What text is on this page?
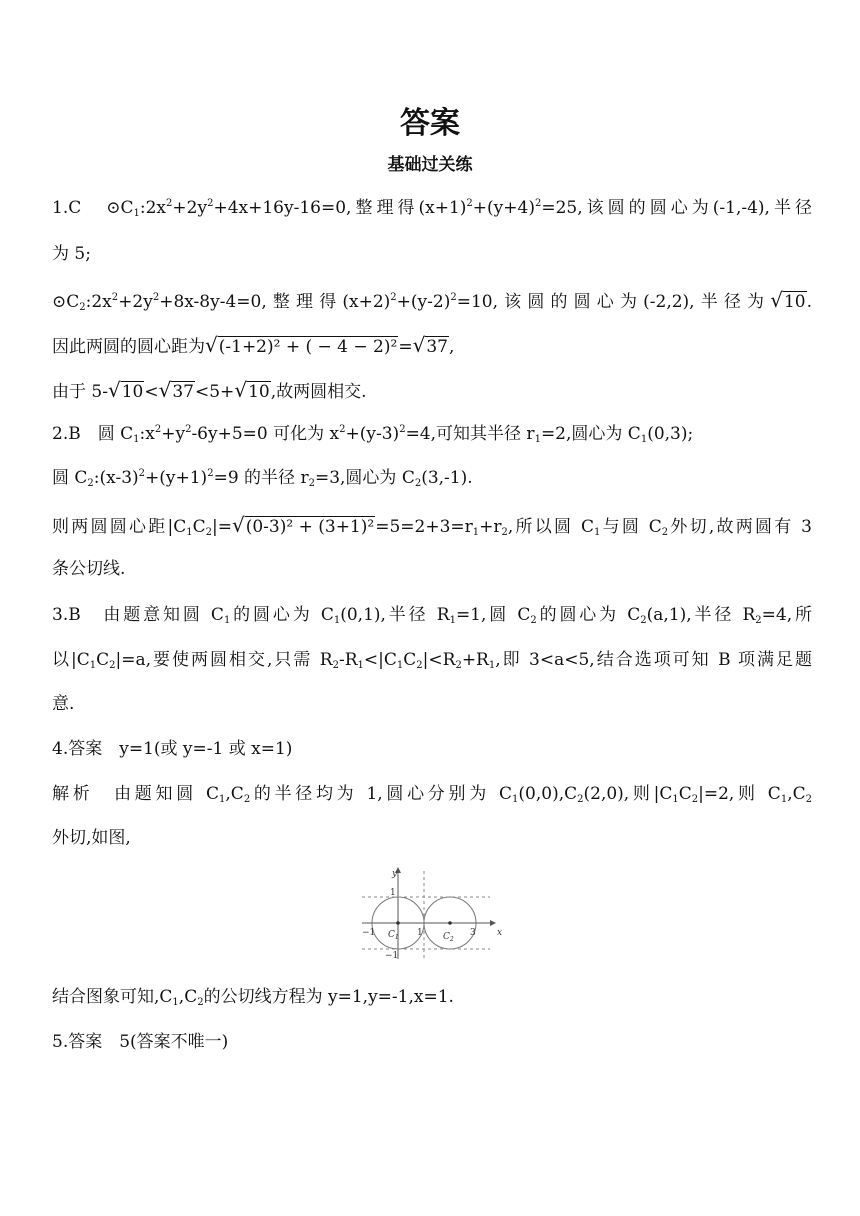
答案
基础过关练
1.C　$⊙C_1:2x^2+2y^2+4x+16y-16=0$,整理得$(x+1)^2+(y+4)^2=25$,该圆的圆心为(-1,-4),半径
为 5;
$⊙C_2:2x^2+2y^2+8x-8y-4=0$,整理得$(x+2)^2+(y-2)^2=10$,该圆的圆心为(-2,2),半径为√10.
因此两圆的圆心距为√(-1+2)² + ( − 4 − 2)²=√37,
由于 5-√10<√37<5+√10,故两圆相交.
2.B　圆 $C_1:x^2+y^2-6y+5=0$ 可化为 $x^2+(y-3)^2=4$,可知其半径 $r_1=2$,圆心为 $C_1(0,3)$;
圆 $C_2:(x-3)^2+(y+1)^2=9$ 的半径 $r_2=3$,圆心为 $C_2(3,-1)$.
则两圆圆心距$|C_1C_2|=√(0-3)^2 + (3+1)^2=5=2+3=r_1+r_2$,所以圆 $C_1$与圆 $C_2$外切,故两圆有 3
条公切线.
3.B　由题意知圆 $C_1$的圆心为 $C_1(0,1)$,半径 $R_1=1$,圆 $C_2$的圆心为 $C_2(a,1)$,半径 $R_2=4$,所
以$|C_1C_2|=a$,要使两圆相交,只需 $R_2-R_1<|C_1C_2|<R_2+R_1$,即 3<a<5,结合选项可知 B 项满足题
意.
4.答案　y=1(或 y=-1 或 x=1)
解析　由题知圆 $C_1,C_2$的半径均为 1,圆心分别为 $C_1(0,0),C_2(2,0)$,则$|C_1C_2|=2$,则 $C_1,C_2$
外切,如图,
y
x
1
−1
−1	1	3
$C_1$	$C_2$
结合图象可知$,C_1,C_2$的公切线方程为 y=1,y=-1,x=1.
5.答案　5(答案不唯一)
